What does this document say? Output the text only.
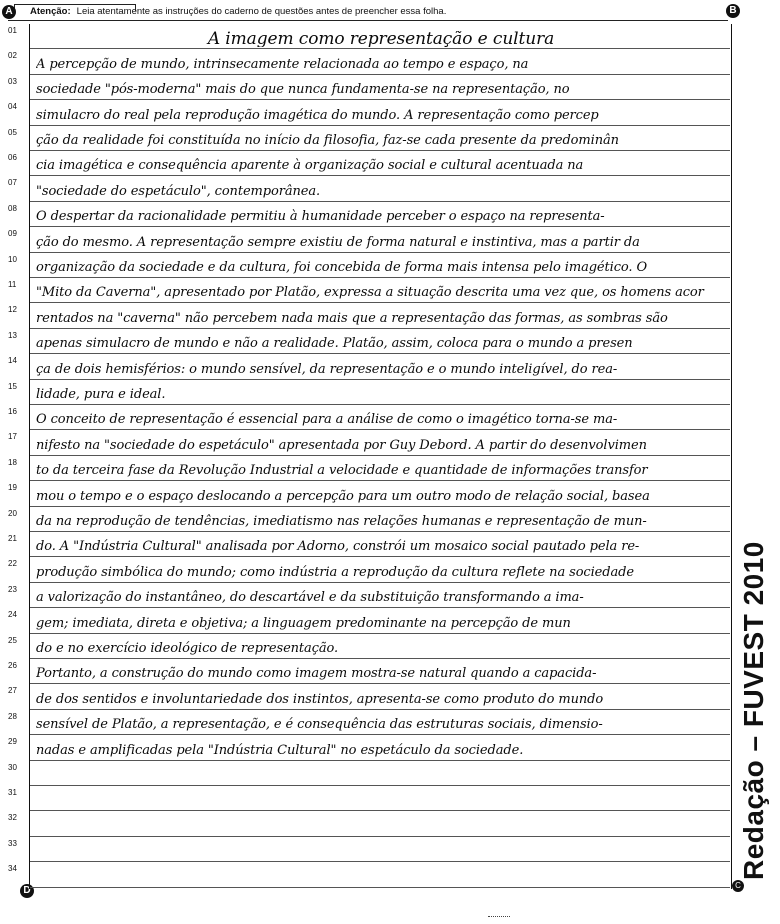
Atenção: Leia atentamente as instruções do caderno de questões antes de preencher essa folha.
A	B
D
01	A imagem como representação e cultura
02
A percepção de mundo, intrinsecamente relacionada ao tempo e espaço, na
03
sociedade "pós-moderna" mais do que nunca fundamenta-se na representação, no
04
simulacro do real pela reprodução imagética do mundo. A representação como percep
05
ção da realidade foi constituída no início da filosofia, faz-se cada presente da predominân
06
cia imagética e consequência aparente à organização social e cultural acentuada na
07
"sociedade do espetáculo", contemporânea.
08
O despertar da racionalidade permitiu à humanidade perceber o espaço na representa-
09
ção do mesmo. A representação sempre existiu de forma natural e instintiva, mas a partir da
10
organização da sociedade e da cultura, foi concebida de forma mais intensa pelo imagético. O
11
"Mito da Caverna", apresentado por Platão, expressa a situação descrita uma vez que, os homens acor
12
rentados na "caverna" não percebem nada mais que a representação das formas, as sombras são
13
apenas simulacro de mundo e não a realidade. Platão, assim, coloca para o mundo a presen
14
ça de dois hemisférios: o mundo sensível, da representação e o mundo inteligível, do rea-
15
lidade, pura e ideal.
16
O conceito de representação é essencial para a análise de como o imagético torna-se ma-
17
nifesto na "sociedade do espetáculo" apresentada por Guy Debord. A partir do desenvolvimen
18
to da terceira fase da Revolução Industrial a velocidade e quantidade de informações transfor
19
mou o tempo e o espaço deslocando a percepção para um outro modo de relação social, basea
20
da na reprodução de tendências, imediatismo nas relações humanas e representação de mun-
21
do. A "Indústria Cultural" analisada por Adorno, constrói um mosaico social pautado pela re-
22
produção simbólica do mundo; como indústria a reprodução da cultura reflete na sociedade
23
a valorização do instantâneo, do descartável e da substituição transformando a ima-
24
gem; imediata, direta e objetiva; a linguagem predominante na percepção de mun
25
do e no exercício ideológico de representação.
26
Portanto, a construção do mundo como imagem mostra-se natural quando a capacida-
27
de dos sentidos e involuntariedade dos instintos, apresenta-se como produto do mundo
28
sensível de Platão, a representação, e é consequência das estruturas sociais, dimensio-
29
nadas e amplificadas pela "Indústria Cultural" no espetáculo da sociedade.
30
31
32
33
34	Redação – FUVEST 2010
C
